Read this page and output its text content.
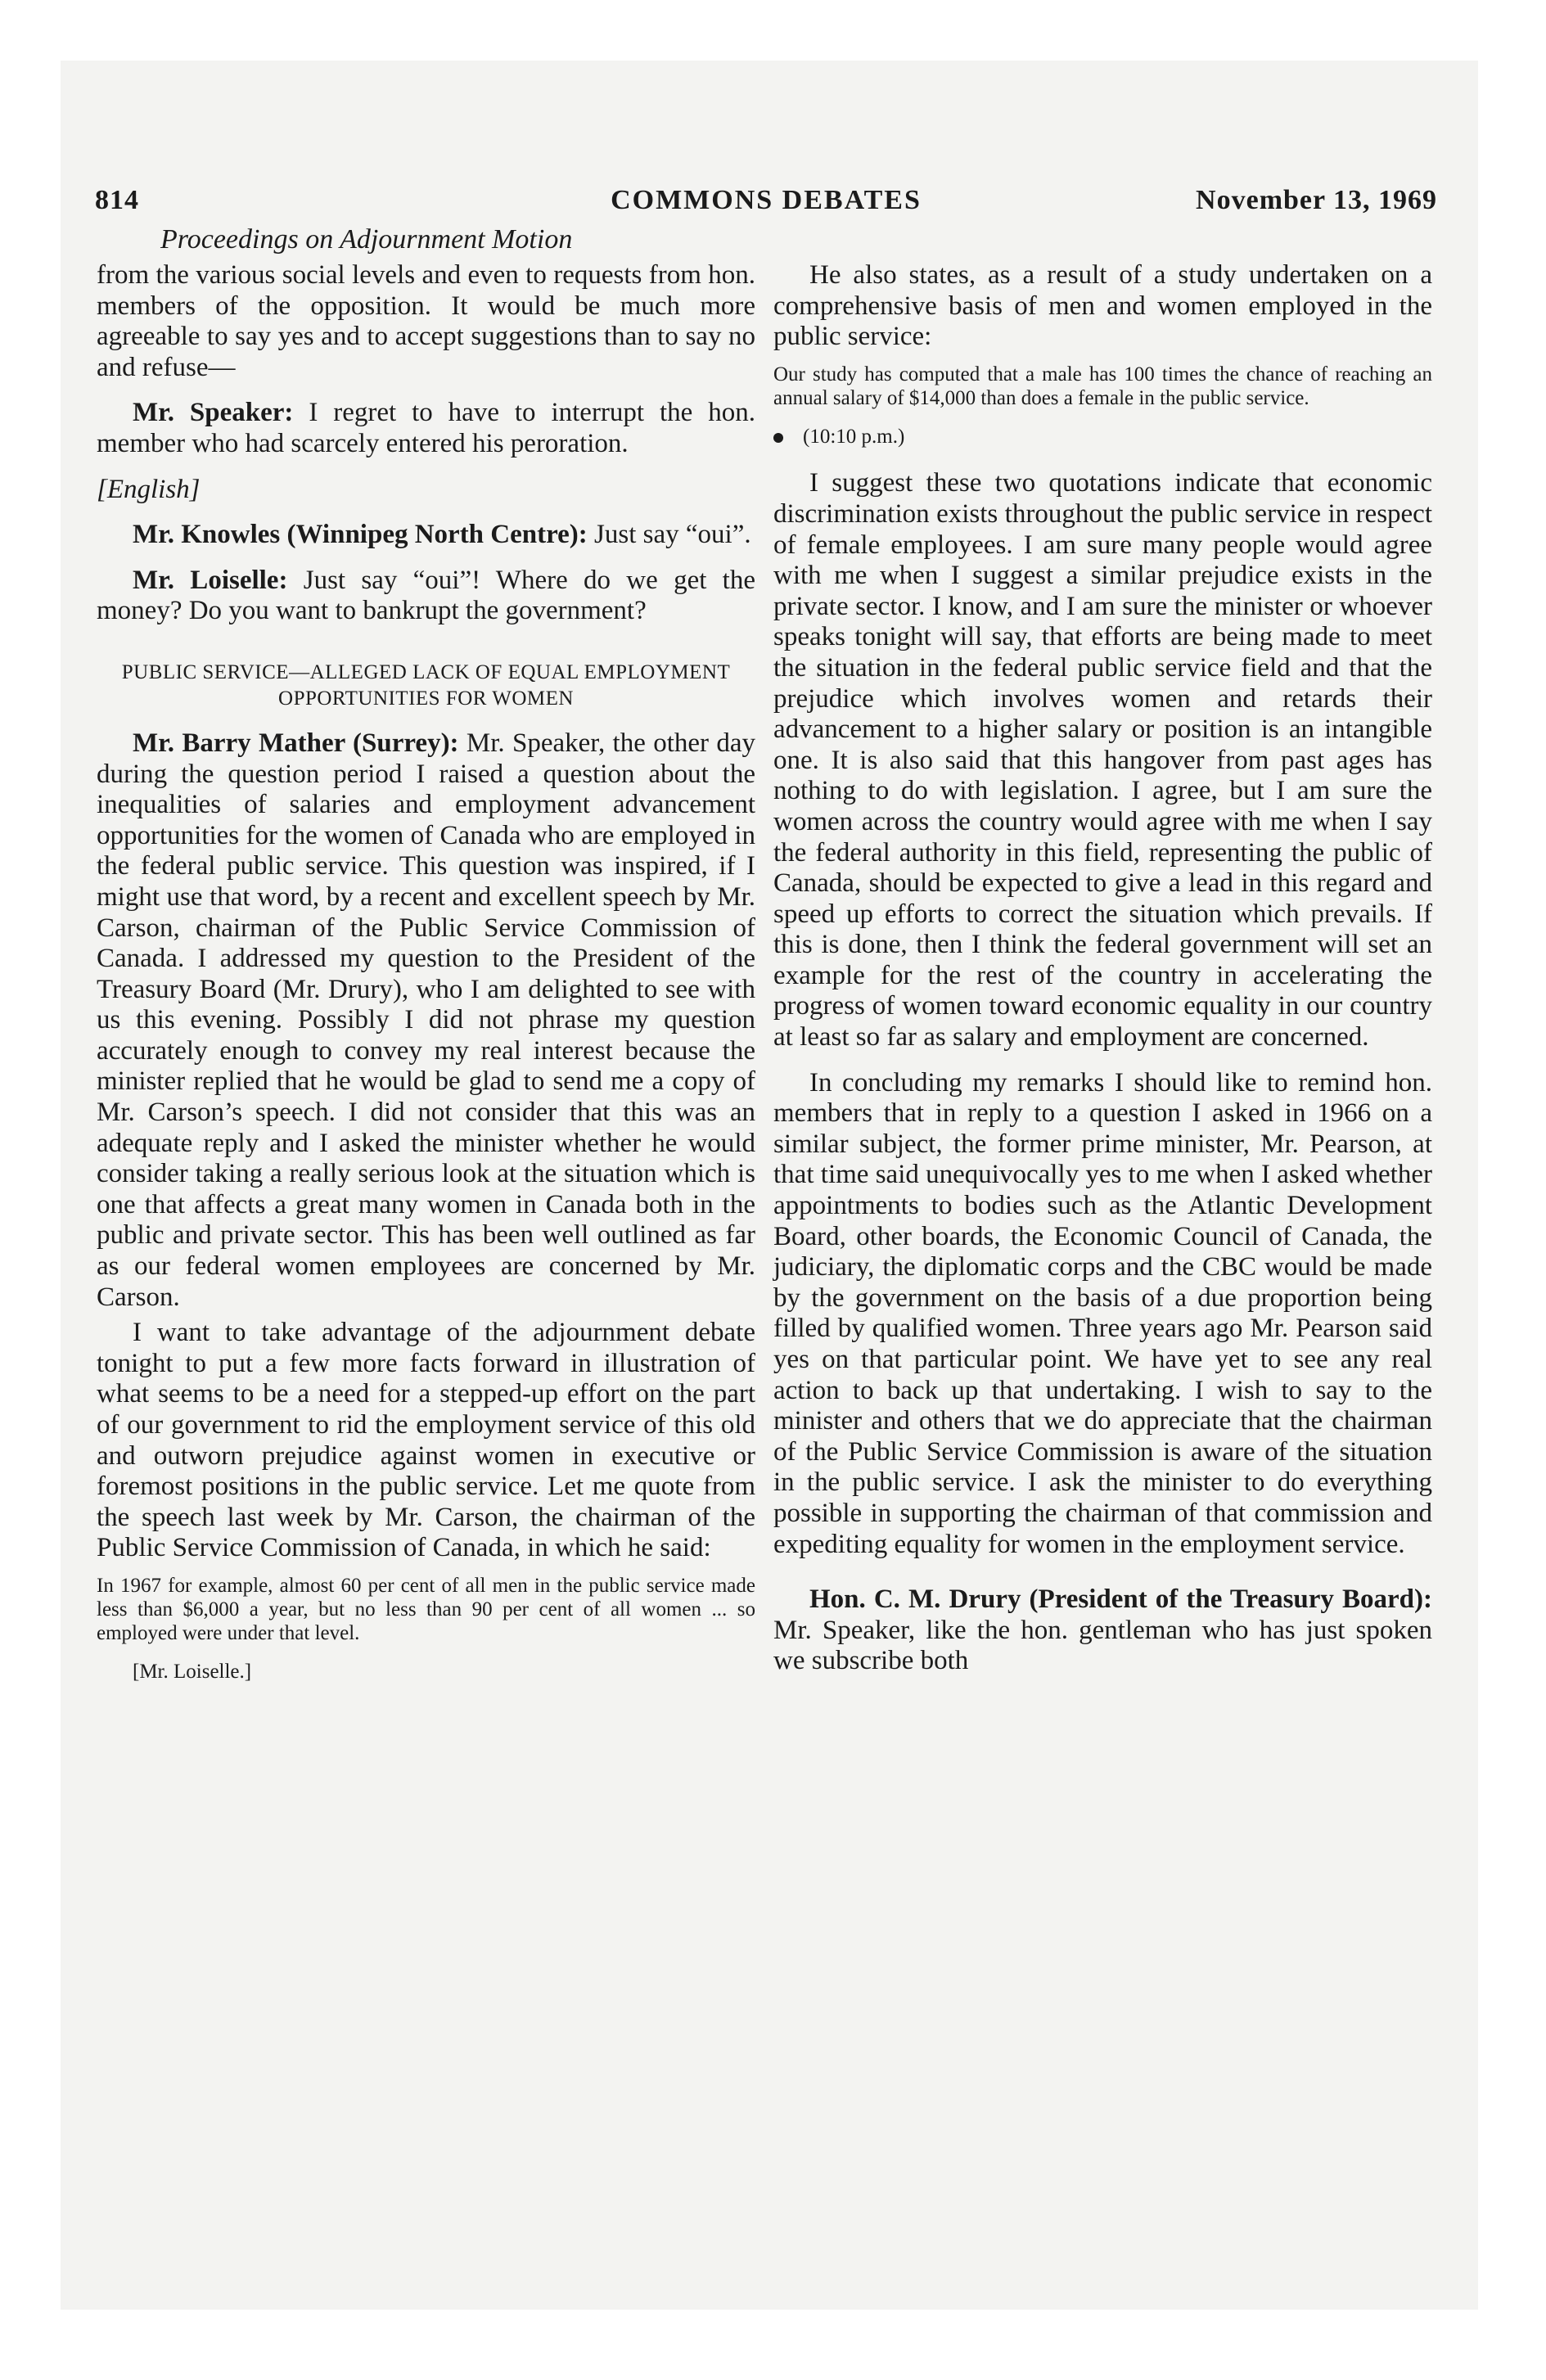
814	COMMONS DEBATES	November 13, 1969
Proceedings on Adjournment Motion

from the various social levels and even to requests from hon. members of the opposition. It would be much more agreeable to say yes and to accept suggestions than to say no and refuse—

Mr. Speaker: I regret to have to interrupt the hon. member who had scarcely entered his peroration.

[English]

Mr. Knowles (Winnipeg North Centre): Just say “oui”.

Mr. Loiselle: Just say “oui”! Where do we get the money? Do you want to bankrupt the government?

PUBLIC SERVICE—ALLEGED LACK OF EQUAL EMPLOYMENT OPPORTUNITIES FOR WOMEN

Mr. Barry Mather (Surrey): Mr. Speaker, the other day during the question period I raised a question about the inequalities of salaries and employment advancement opportunities for the women of Canada who are employed in the federal public service. This question was inspired, if I might use that word, by a recent and excellent speech by Mr. Carson, chairman of the Public Service Commission of Canada. I addressed my question to the President of the Treasury Board (Mr. Drury), who I am delighted to see with us this evening. Possibly I did not phrase my question accurately enough to convey my real interest because the minister replied that he would be glad to send me a copy of Mr. Carson’s speech. I did not consider that this was an adequate reply and I asked the minister whether he would consider taking a really serious look at the situation which is one that affects a great many women in Canada both in the public and private sector. This has been well outlined as far as our federal women employees are concerned by Mr. Carson.

I want to take advantage of the adjournment debate tonight to put a few more facts forward in illustration of what seems to be a need for a stepped-up effort on the part of our government to rid the employment service of this old and outworn prejudice against women in executive or foremost positions in the public service. Let me quote from the speech last week by Mr. Carson, the chairman of the Public Service Commission of Canada, in which he said:

In 1967 for example, almost 60 per cent of all men in the public service made less than $6,000 a year, but no less than 90 per cent of all women ... so employed were under that level.
[Mr. Loiselle.]

He also states, as a result of a study undertaken on a comprehensive basis of men and women employed in the public service:

Our study has computed that a male has 100 times the chance of reaching an annual salary of $14,000 than does a female in the public service.
(10:10 p.m.)

I suggest these two quotations indicate that economic discrimination exists throughout the public service in respect of female employees. I am sure many people would agree with me when I suggest a similar prejudice exists in the private sector. I know, and I am sure the minister or whoever speaks tonight will say, that efforts are being made to meet the situation in the federal public service field and that the prejudice which involves women and retards their advancement to a higher salary or position is an intangible one. It is also said that this hangover from past ages has nothing to do with legislation. I agree, but I am sure the women across the country would agree with me when I say the federal authority in this field, representing the public of Canada, should be expected to give a lead in this regard and speed up efforts to correct the situation which prevails. If this is done, then I think the federal government will set an example for the rest of the country in accelerating the progress of women toward economic equality in our country at least so far as salary and employment are concerned.

In concluding my remarks I should like to remind hon. members that in reply to a question I asked in 1966 on a similar subject, the former prime minister, Mr. Pearson, at that time said unequivocally yes to me when I asked whether appointments to bodies such as the Atlantic Development Board, other boards, the Economic Council of Canada, the judiciary, the diplomatic corps and the CBC would be made by the government on the basis of a due proportion being filled by qualified women. Three years ago Mr. Pearson said yes on that particular point. We have yet to see any real action to back up that undertaking. I wish to say to the minister and others that we do appreciate that the chairman of the Public Service Commission is aware of the situation in the public service. I ask the minister to do everything possible in supporting the chairman of that commission and expediting equality for women in the employment service.

Hon. C. M. Drury (President of the Treasury Board): Mr. Speaker, like the hon. gentleman who has just spoken we subscribe both
